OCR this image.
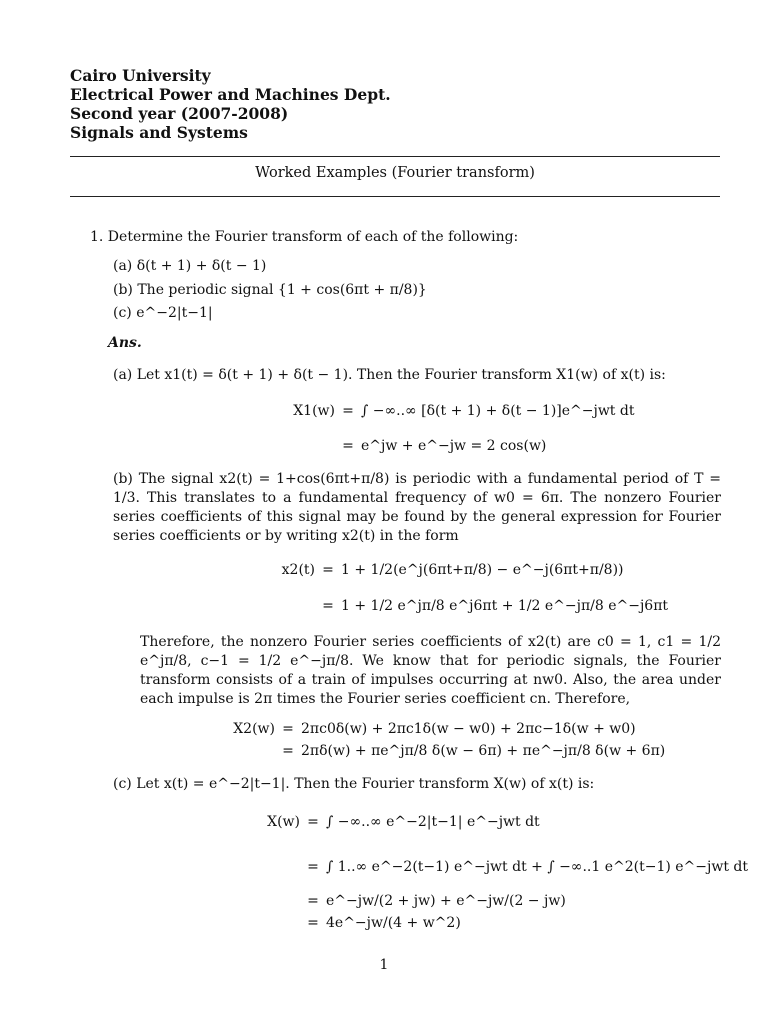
Cairo University
Electrical Power and Machines Dept.
Second year (2007-2008)
Signals and Systems
Worked Examples (Fourier transform)
1. Determine the Fourier transform of each of the following:
(a) δ(t + 1) + δ(t − 1)
(b) The periodic signal {1 + cos(6πt + π/8)}
(c) e^−2|t−1|
Ans.
(a) Let x1(t) = δ(t + 1) + δ(t − 1). Then the Fourier transform X1(w) of x(t) is:
X1(w) = ∫ −∞..∞ [δ(t + 1) + δ(t − 1)]e^−jwt dt
= e^jw + e^−jw = 2 cos(w)
(b) The signal x2(t) = 1+cos(6πt+π/8) is periodic with a fundamental period of T = 1/3. This translates to a fundamental frequency of w0 = 6π. The nonzero Fourier series coefficients of this signal may be found by the general expression for Fourier series coefficients or by writing x2(t) in the form
x2(t) = 1 + 1/2(e^j(6πt+π/8) − e^−j(6πt+π/8))
= 1 + 1/2 e^jπ/8 e^j6πt + 1/2 e^−jπ/8 e^−j6πt
Therefore, the nonzero Fourier series coefficients of x2(t) are c0 = 1, c1 = 1/2 e^jπ/8, c−1 = 1/2 e^−jπ/8. We know that for periodic signals, the Fourier transform consists of a train of impulses occurring at nw0. Also, the area under each impulse is 2π times the Fourier series coefficient cn. Therefore,
X2(w) = 2πc0δ(w) + 2πc1δ(w − w0) + 2πc−1δ(w + w0)
= 2πδ(w) + πe^jπ/8 δ(w − 6π) + πe^−jπ/8 δ(w + 6π)
(c) Let x(t) = e^−2|t−1|. Then the Fourier transform X(w) of x(t) is:
X(w) = ∫ −∞..∞ e^−2|t−1| e^−jwt dt
= ∫ 1..∞ e^−2(t−1) e^−jwt dt + ∫ −∞..1 e^2(t−1) e^−jwt dt
= e^−jw/(2 + jw) + e^−jw/(2 − jw)
= 4e^−jw/(4 + w^2)
1
